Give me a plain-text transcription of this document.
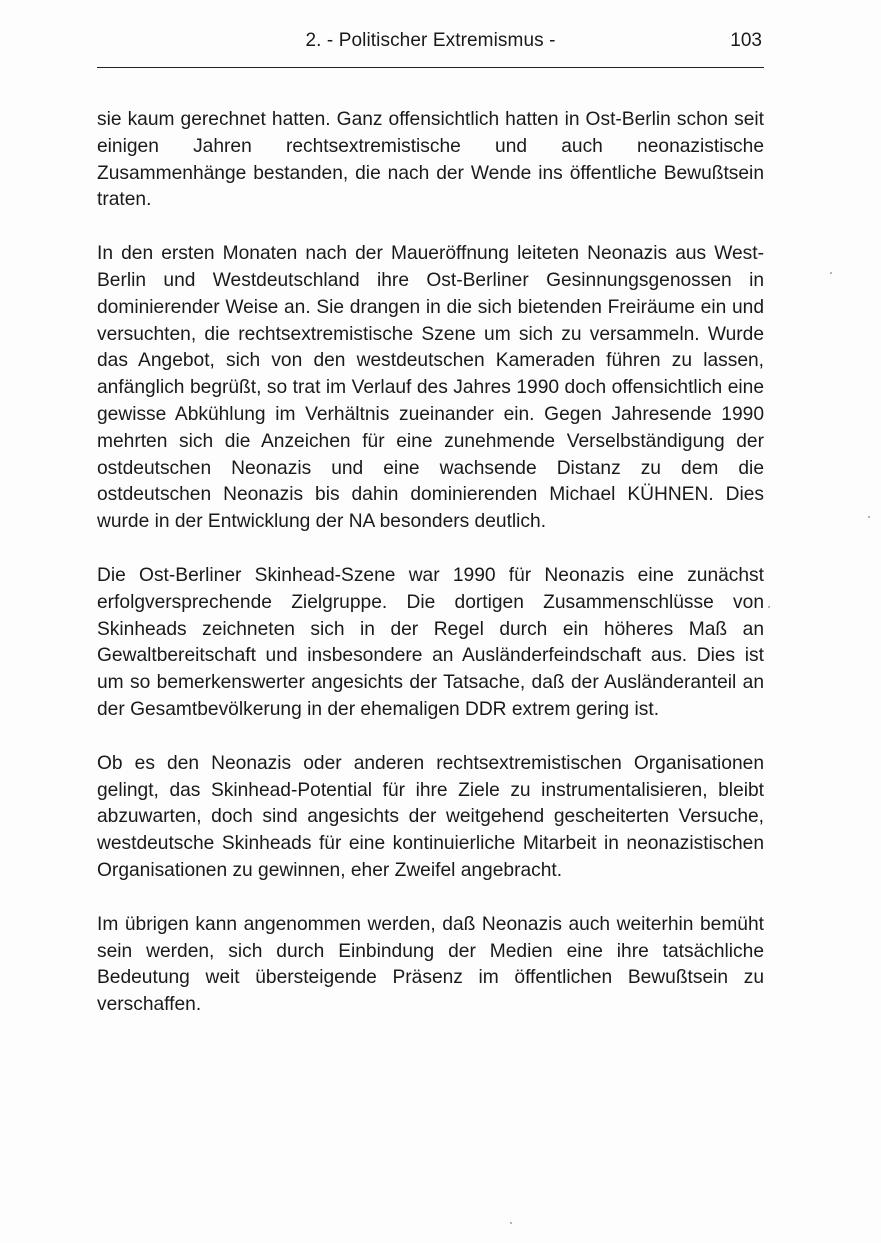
2. - Politischer Extremismus -	103

sie kaum gerechnet hatten. Ganz offensichtlich hatten in Ost-Berlin schon seit einigen Jahren rechtsextremistische und auch neonazistische Zusammenhänge bestanden, die nach der Wende ins öffentliche Bewußtsein traten.

In den ersten Monaten nach der Maueröffnung leiteten Neonazis aus West-Berlin und Westdeutschland ihre Ost-Berliner Gesinnungsgenossen in dominierender Weise an. Sie drangen in die sich bietenden Freiräume ein und versuchten, die rechtsextremistische Szene um sich zu versammeln. Wurde das Angebot, sich von den westdeutschen Kameraden führen zu lassen, anfänglich begrüßt, so trat im Verlauf des Jahres 1990 doch offensichtlich eine gewisse Abkühlung im Verhältnis zueinander ein. Gegen Jahresende 1990 mehrten sich die Anzeichen für eine zunehmende Verselbständigung der ostdeutschen Neonazis und eine wachsende Distanz zu dem die ostdeutschen Neonazis bis dahin dominierenden Michael KÜHNEN. Dies wurde in der Entwicklung der NA besonders deutlich.

Die Ost-Berliner Skinhead-Szene war 1990 für Neonazis eine zunächst erfolgversprechende Zielgruppe. Die dortigen Zusammenschlüsse von Skinheads zeichneten sich in der Regel durch ein höheres Maß an Gewaltbereitschaft und insbesondere an Ausländerfeindschaft aus. Dies ist um so bemerkenswerter angesichts der Tatsache, daß der Ausländeranteil an der Gesamtbevölkerung in der ehemaligen DDR extrem gering ist.

Ob es den Neonazis oder anderen rechtsextremistischen Organisationen gelingt, das Skinhead-Potential für ihre Ziele zu instrumentalisieren, bleibt abzuwarten, doch sind angesichts der weitgehend gescheiterten Versuche, westdeutsche Skinheads für eine kontinuierliche Mitarbeit in neonazistischen Organisationen zu gewinnen, eher Zweifel angebracht.

Im übrigen kann angenommen werden, daß Neonazis auch weiterhin bemüht sein werden, sich durch Einbindung der Medien eine ihre tatsächliche Bedeutung weit übersteigende Präsenz im öffentlichen Bewußtsein zu verschaffen.
